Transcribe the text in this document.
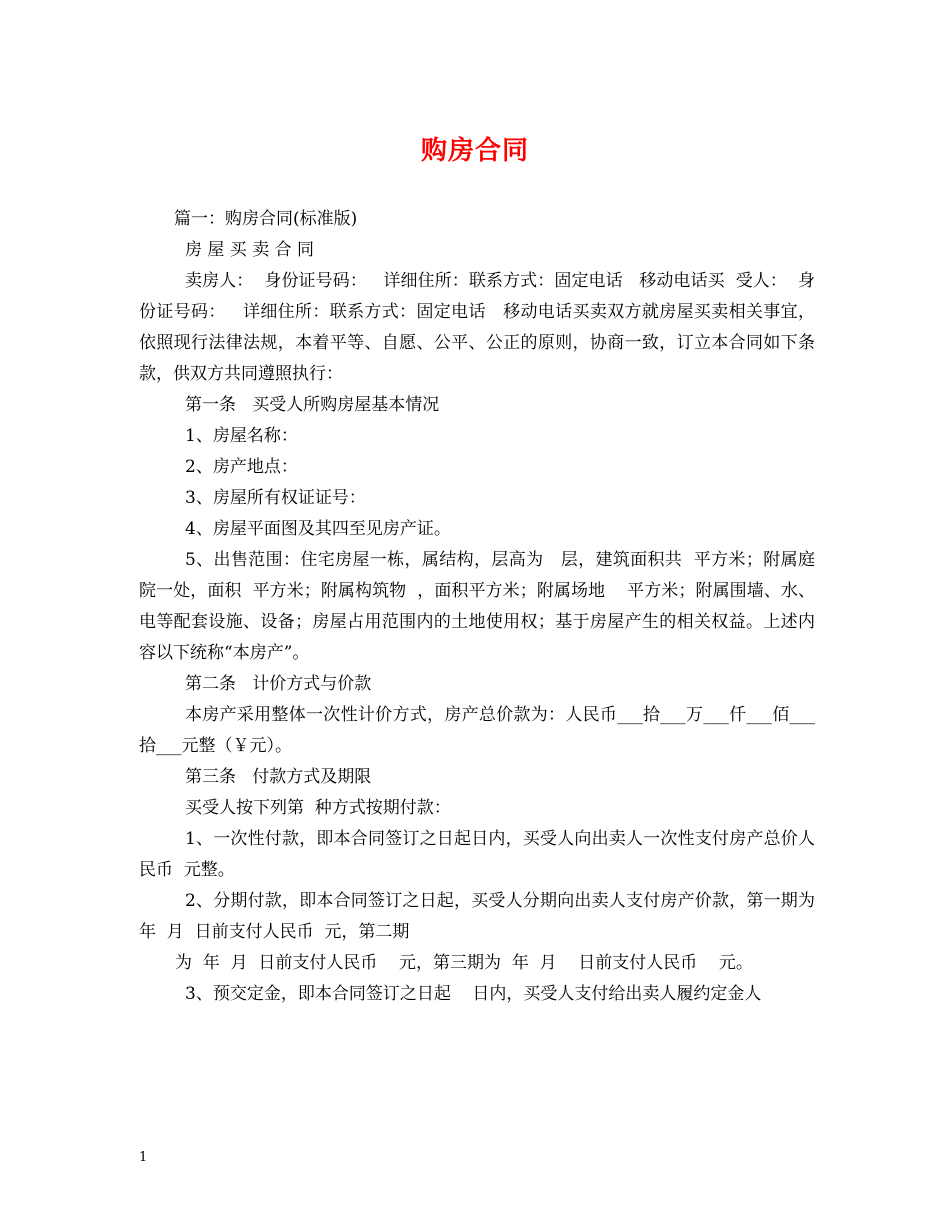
购房合同

篇一：购房合同(标准版)

房 屋 买 卖 合 同

卖房人：  身份证号码：   详细住所：联系方式：固定电话   移动电话买  受人：  身份证号码：   详细住所：联系方式：固定电话   移动电话买卖双方就房屋买卖相关事宜，依照现行法律法规，本着平等、自愿、公平、公正的原则，协商一致，订立本合同如下条款，供双方共同遵照执行：

第一条   买受人所购房屋基本情况

1、房屋名称：

2、房产地点：

3、房屋所有权证证号：

4、房屋平面图及其四至见房产证。

5、出售范围：住宅房屋一栋，属结构，层高为   层，建筑面积共  平方米；附属庭院一处，面积  平方米；附属构筑物  ，面积平方米；附属场地    平方米；附属围墙、水、电等配套设施、设备；房屋占用范围内的土地使用权；基于房屋产生的相关权益。上述内容以下统称“本房产”。

第二条   计价方式与价款

本房产采用整体一次性计价方式，房产总价款为：人民币___拾___万___仟___佰___拾___元整（￥元）。

第三条   付款方式及期限

买受人按下列第  种方式按期付款：

1、一次性付款，即本合同签订之日起日内，买受人向出卖人一次性支付房产总价人民币  元整。

2、分期付款，即本合同签订之日起，买受人分期向出卖人支付房产价款，第一期为年  月  日前支付人民币  元，第二期

为  年  月  日前支付人民币    元，第三期为  年  月    日前支付人民币    元。

3、预交定金，即本合同签订之日起    日内，买受人支付给出卖人履约定金人

1
